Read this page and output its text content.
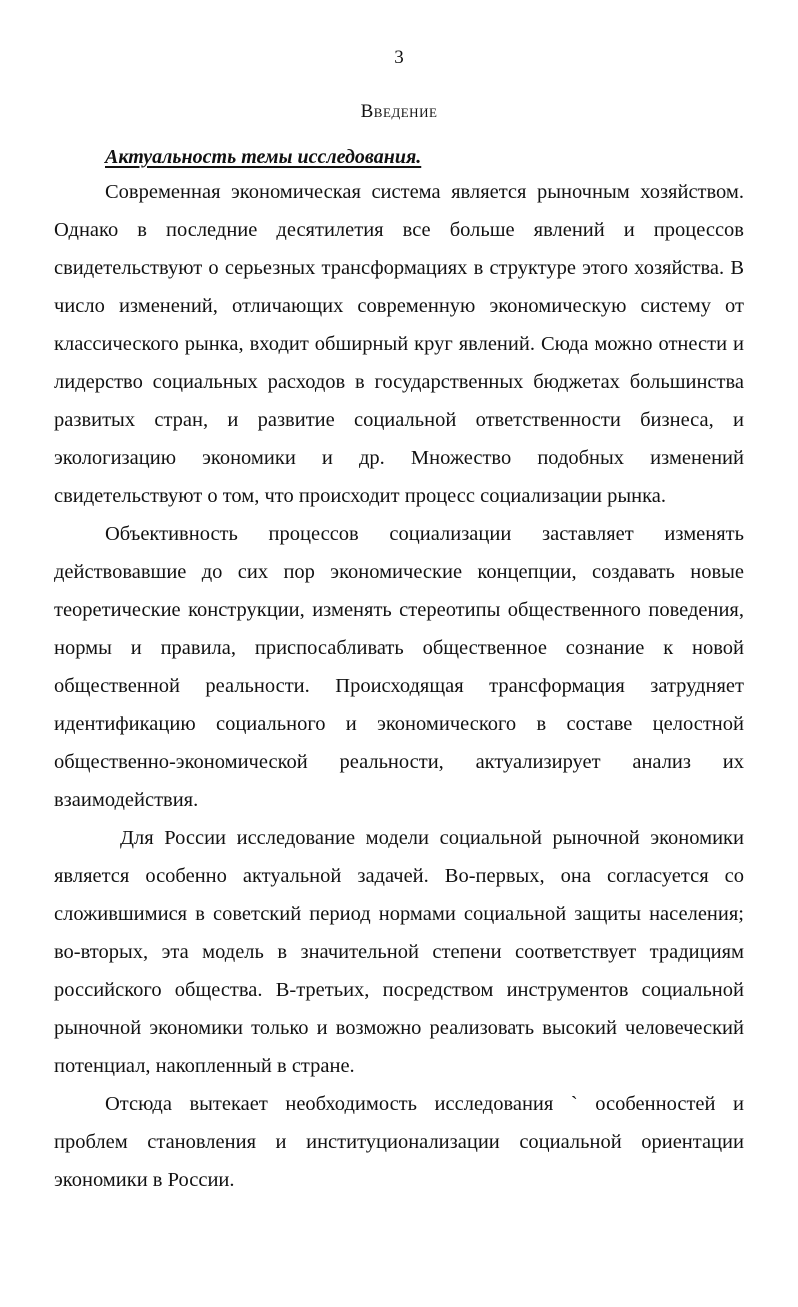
3
Введение
Актуальность темы исследования.

Современная экономическая система является рыночным хозяйством. Однако в последние десятилетия все больше явлений и процессов свидетельствуют о серьезных трансформациях в структуре этого хозяйства. В число изменений, отличающих современную экономическую систему от классического рынка, входит обширный круг явлений. Сюда можно отнести и лидерство социальных расходов в государственных бюджетах большинства развитых стран, и развитие социальной ответственности бизнеса, и экологизацию экономики и др. Множество подобных изменений свидетельствуют о том, что происходит процесс социализации рынка.

Объективность процессов социализации заставляет изменять действовавшие до сих пор экономические концепции, создавать новые теоретические конструкции, изменять стереотипы общественного поведения, нормы и правила, приспосабливать общественное сознание к новой общественной реальности. Происходящая трансформация затрудняет идентификацию социального и экономического в составе целостной общественно-экономической реальности, актуализирует анализ их взаимодействия.

Для России исследование модели социальной рыночной экономики является особенно актуальной задачей. Во-первых, она согласуется со сложившимися в советский период нормами социальной защиты населения; во-вторых, эта модель в значительной степени соответствует традициям российского общества. В-третьих, посредством инструментов социальной рыночной экономики только и возможно реализовать высокий человеческий потенциал, накопленный в стране.

Отсюда вытекает необходимость исследования ` особенностей и проблем становления и институционализации социальной ориентации экономики в России.
